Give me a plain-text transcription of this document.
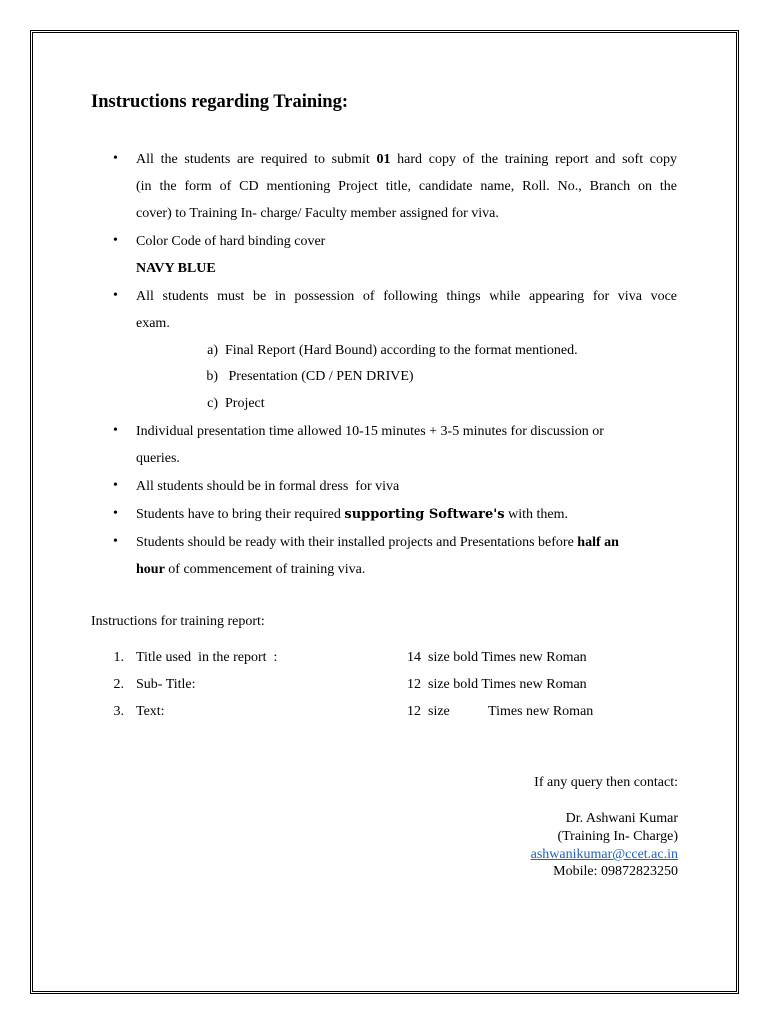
Instructions regarding Training:
• All the students are required to submit 01 hard copy of the training report and soft copy
(in the form of CD mentioning Project title, candidate name, Roll. No., Branch on the
cover) to Training In- charge/ Faculty member assigned for viva.
• Color Code of hard binding cover
NAVY BLUE
• All students must be in possession of following things while appearing for viva voce
exam.
a) Final Report (Hard Bound) according to the format mentioned.
b) Presentation (CD / PEN DRIVE)
c) Project
• Individual presentation time allowed 10-15 minutes + 3-5 minutes for discussion or
queries.
• All students should be in formal dress  for viva
• Students have to bring their required supporting Software's with them.
• Students should be ready with their installed projects and Presentations before half an
hour of commencement of training viva.
Instructions for training report:
1. Title used  in the report  :	14  size bold Times new Roman
2. Sub- Title:	12  size bold Times new Roman
3. Text:	12  size           Times new Roman
If any query then contact:
Dr. Ashwani Kumar
(Training In- Charge)
ashwanikumar@ccet.ac.in
Mobile: 09872823250
